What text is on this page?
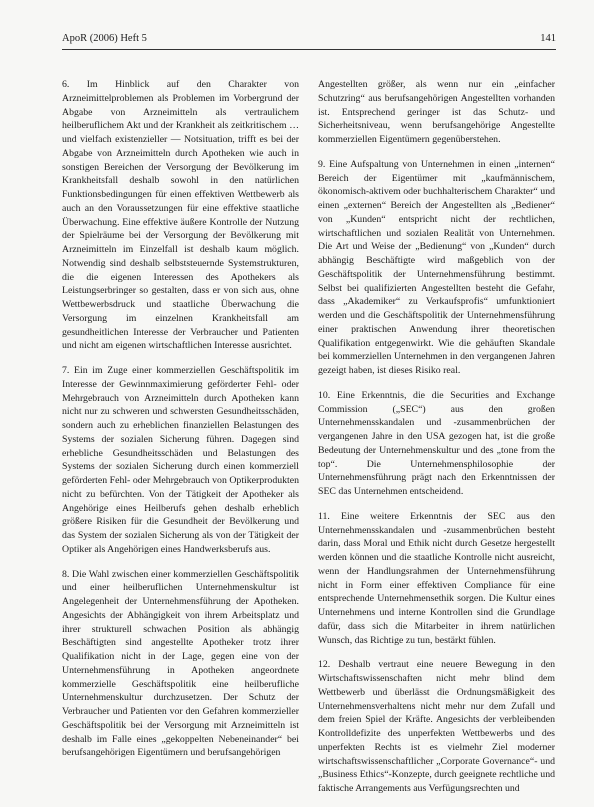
ApoR (2006) Heft 5	141

6. Im Hinblick auf den Charakter von Arzneimittelproblemen als Problemen im Vorbergrund der Abgabe von Arzneimitteln als vertraulichem heilberuflichem Akt und der Krankheit als zeitkritischem … und vielfach existenzieller — Notsituation, trifft es bei der Abgabe von Arzneimitteln durch Apotheken wie auch in sonstigen Bereichen der Versorgung der Bevölkerung im Krankheitsfall deshalb sowohl in den natürlichen Funktionsbedingungen für einen effektiven Wettbewerb als auch an den Voraussetzungen für eine effektive staatliche Überwachung. Eine effektive äußere Kontrolle der Nutzung der Spielräume bei der Versorgung der Bevölkerung mit Arzneimitteln im Einzelfall ist deshalb kaum möglich. Notwendig sind deshalb selbststeuernde Systemstrukturen, die die eigenen Interessen des Apothekers als Leistungserbringer so gestalten, dass er von sich aus, ohne Wettbewerbsdruck und staatliche Überwachung die Versorgung im einzelnen Krankheitsfall am gesundheitlichen Interesse der Verbraucher und Patienten und nicht am eigenen wirtschaftlichen Interesse ausrichtet.

7. Ein im Zuge einer kommerziellen Geschäftspolitik im Interesse der Gewinnmaximierung geförderter Fehl- oder Mehrgebrauch von Arzneimitteln durch Apotheken kann nicht nur zu schweren und schwersten Gesundheitsschäden, sondern auch zu erheblichen finanziellen Belastungen des Systems der sozialen Sicherung führen. Dagegen sind erhebliche Gesundheitsschäden und Belastungen des Systems der sozialen Sicherung durch einen kommerziell geförderten Fehl- oder Mehrgebrauch von Optikerprodukten nicht zu befürchten. Von der Tätigkeit der Apotheker als Angehörige eines Heilberufs gehen deshalb erheblich größere Risiken für die Gesundheit der Bevölkerung und das System der sozialen Sicherung als von der Tätigkeit der Optiker als Angehörigen eines Handwerksberufs aus.

8. Die Wahl zwischen einer kommerziellen Geschäftspolitik und einer heilberuflichen Unternehmenskultur ist Angelegenheit der Unternehmensführung der Apotheken. Angesichts der Abhängigkeit von ihrem Arbeitsplatz und ihrer strukturell schwachen Position als abhängig Beschäftigten sind angestellte Apotheker trotz ihrer Qualifikation nicht in der Lage, gegen eine von der Unternehmensführung in Apotheken angeordnete kommerzielle Geschäftspolitik eine heilberufliche Unternehmenskultur durchzusetzen. Der Schutz der Verbraucher und Patienten vor den Gefahren kommerzieller Geschäftspolitik bei der Versorgung mit Arzneimitteln ist deshalb im Falle eines „gekoppelten Nebeneinander“ bei berufsangehörigen Eigentümern und berufsangehörigen

Angestellten größer, als wenn nur ein „einfacher Schutzring“ aus berufsangehörigen Angestellten vorhanden ist. Entsprechend geringer ist das Schutz- und Sicherheitsniveau, wenn berufsangehörige Angestellte kommerziellen Eigentümern gegenüberstehen.

9. Eine Aufspaltung von Unternehmen in einen „internen“ Bereich der Eigentümer mit „kaufmännischem, ökonomisch-aktivem oder buchhalterischem Charakter“ und einen „externen“ Bereich der Angestellten als „Bediener“ von „Kunden“ entspricht nicht der rechtlichen, wirtschaftlichen und sozialen Realität von Unternehmen. Die Art und Weise der „Bedienung“ von „Kunden“ durch abhängig Beschäftigte wird maßgeblich von der Geschäftspolitik der Unternehmensführung bestimmt. Selbst bei qualifizierten Angestellten besteht die Gefahr, dass „Akademiker“ zu Verkaufsprofis“ umfunktioniert werden und die Geschäftspolitik der Unternehmensführung einer praktischen Anwendung ihrer theoretischen Qualifikation entgegenwirkt. Wie die gehäuften Skandale bei kommerziellen Unternehmen in den vergangenen Jahren gezeigt haben, ist dieses Risiko real.

10. Eine Erkenntnis, die die Securities and Exchange Commission („SEC“) aus den großen Unternehmensskandalen und -zusammenbrüchen der vergangenen Jahre in den USA gezogen hat, ist die große Bedeutung der Unternehmenskultur und des „tone from the top“. Die Unternehmensphilosophie der Unternehmensführung prägt nach den Erkenntnissen der SEC das Unternehmen entscheidend.

11. Eine weitere Erkenntnis der SEC aus den Unternehmensskandalen und -zusammenbrüchen besteht darin, dass Moral und Ethik nicht durch Gesetze hergestellt werden können und die staatliche Kontrolle nicht ausreicht, wenn der Handlungsrahmen der Unternehmensführung nicht in Form einer effektiven Compliance für eine entsprechende Unternehmensethik sorgen. Die Kultur eines Unternehmens und interne Kontrollen sind die Grundlage dafür, dass sich die Mitarbeiter in ihrem natürlichen Wunsch, das Richtige zu tun, bestärkt fühlen.

12. Deshalb vertraut eine neuere Bewegung in den Wirtschaftswissenschaften nicht mehr blind dem Wettbewerb und überlässt die Ordnungsmäßigkeit des Unternehmensverhaltens nicht mehr nur dem Zufall und dem freien Spiel der Kräfte. Angesichts der verbleibenden Kontrolldefizite des unperfekten Wettbewerbs und des unperfekten Rechts ist es vielmehr Ziel moderner wirtschaftswissenschaftlicher „Corporate Governance“- und „Business Ethics“-Konzepte, durch geeignete rechtliche und faktische Arrangements aus Verfügungsrechten und
